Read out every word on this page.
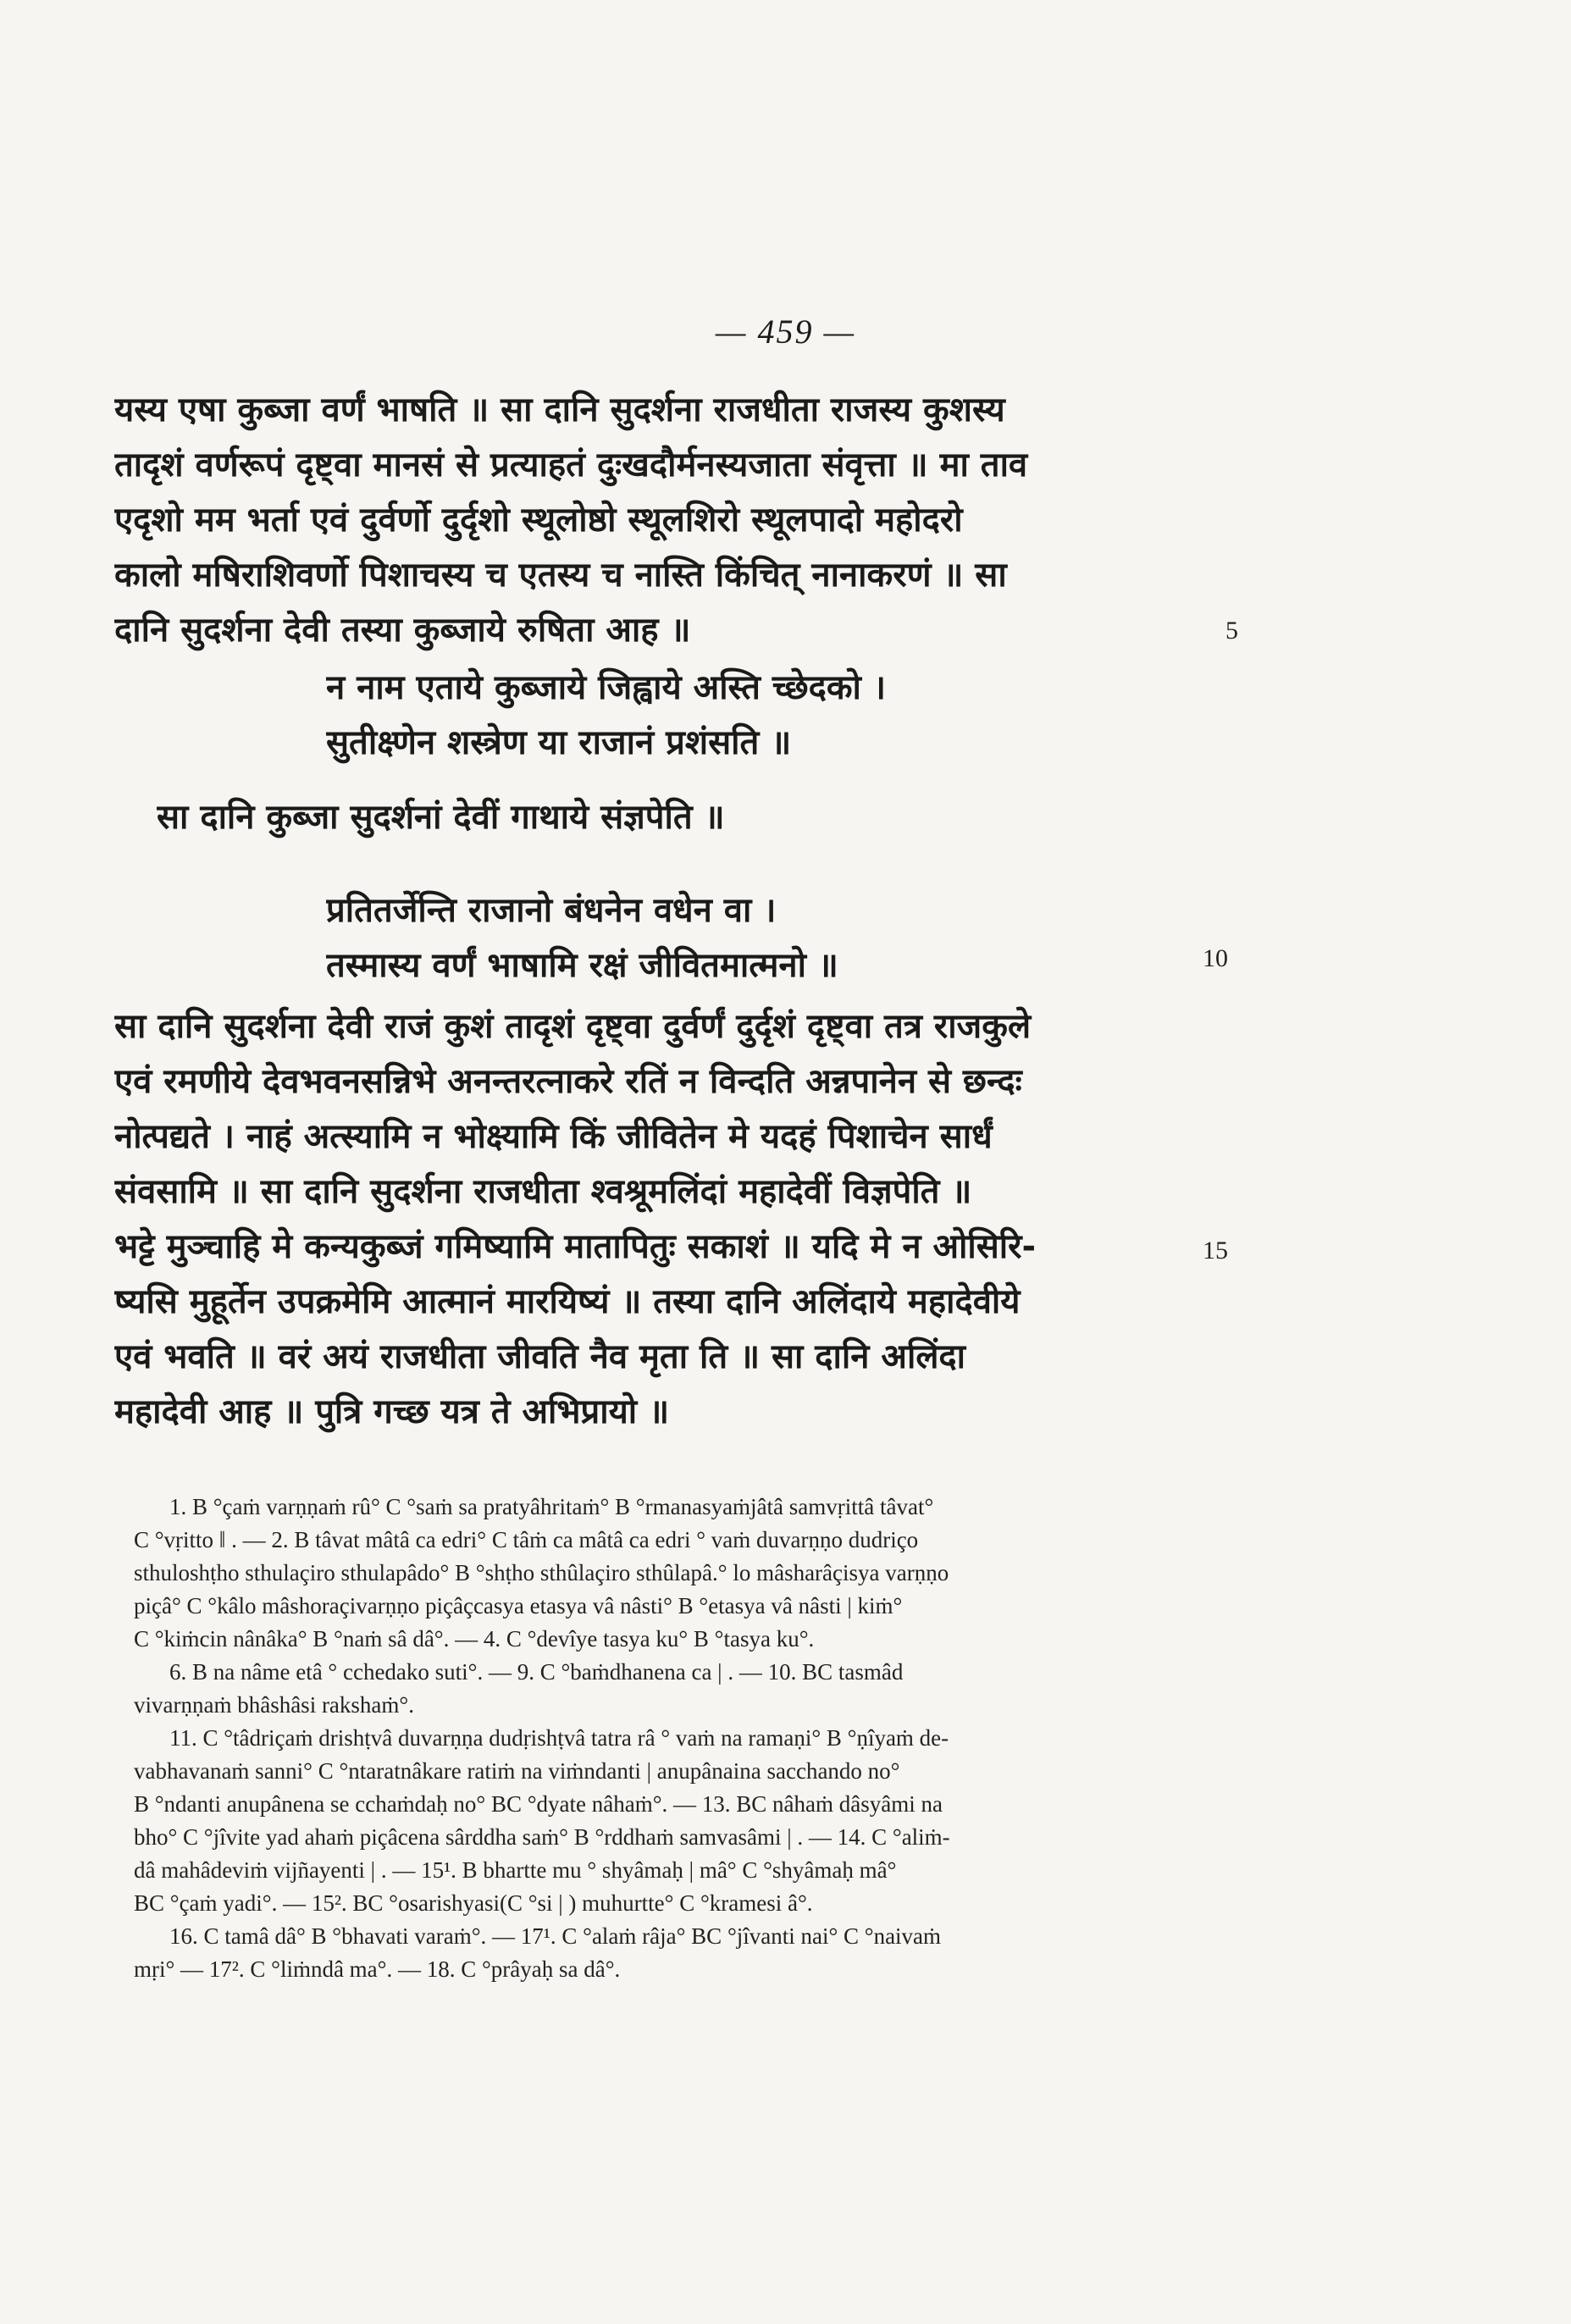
— 459 —
यस्य एषा कुब्जा वर्णं भाषति ॥ सा दानि सुदर्शना राजधीता राजस्य कुशस्य
तादृशं वर्णरूपं दृष्ट्वा मानसं से प्रत्याहतं दुःखदौर्मनस्यजाता संवृत्ता ॥ मा ताव
एदृशो मम भर्ता एवं दुर्वर्णो दुर्दृशो स्थूलोष्ठो स्थूलशिरो स्थूलपादो महोदरो
कालो मषिराशिवर्णो पिशाचस्य च एतस्य च नास्ति किंचित् नानाकरणं ॥ सा
दानि सुदर्शना देवी तस्या कुब्जाये रुषिता आह ॥
न नाम एताये कुब्जाये जिह्वाये अस्ति च्छेदको ।
सुतीक्ष्णेन शस्त्रेण या राजानं प्रशंसति ॥
सा दानि कुब्जा सुदर्शनां देवीं गाथाये संज्ञपेति ॥
प्रतितर्जेन्ति राजानो बंधनेन वधेन वा ।
तस्मास्य वर्णं भाषामि रक्षं जीवितमात्मनो ॥
सा दानि सुदर्शना देवी राजं कुशं तादृशं दृष्ट्वा दुर्वर्णं दुर्दृशं दृष्ट्वा तत्र राजकुले
एवं रमणीये देवभवनसन्निभे अनन्तरत्नाकरे रतिं न विन्दति अन्नपानेन से छन्दः
नोत्पद्यते । नाहं अत्स्यामि न भोक्ष्यामि किं जीवितेन मे यदहं पिशाचेन सार्धं
संवसामि ॥ सा दानि सुदर्शना राजधीता श्वश्रूमलिंदां महादेवीं विज्ञपेति ॥
भट्टे मुञ्चाहि मे कन्यकुब्जं गमिष्यामि मातापितुः सकाशं ॥ यदि मे न ओसिरि-
ष्यसि मुहूर्तेन उपक्रमेमि आत्मानं मारयिष्यं ॥ तस्या दानि अलिंदाये महादेवीये
एवं भवति ॥ वरं अयं राजधीता जीवति नैव मृता ति ॥ सा दानि अलिंदा
महादेवी आह ॥ पुत्रि गच्छ यत्र ते अभिप्रायो ॥
5
10
15
1. B °çaṁ varṇṇaṁ rû° C °saṁ sa pratyâhritaṁ° B °rmanasyaṁjâtâ samvṛittâ tâvat°
C °vṛitto ‖ . — 2. B tâvat mâtâ ca edri° C tâṁ ca mâtâ ca edri ° vaṁ duvarṇṇo dudriço
sthuloshṭho sthulaçiro sthulapâdo° B °shṭho sthûlaçiro sthûlapâ.° lo mâsharâçisya varṇṇo
piçâ° C °kâlo mâshoraçivarṇṇo piçâçcasya etasya vâ nâsti° B °etasya vâ nâsti | kiṁ°
C °kiṁcin nânâka° B °naṁ sâ dâ°. — 4. C °devîye tasya ku° B °tasya ku°.
6. B na nâme etâ ° cchedako suti°. — 9. C °baṁdhanena ca | . — 10. BC tasmâd
vivarṇṇaṁ bhâshâsi rakshaṁ°.
11. C °tâdriçaṁ drishṭvâ duvarṇṇa dudṛishṭvâ tatra râ ° vaṁ na ramaṇi° B °ṇîyaṁ de-
vabhavanaṁ sanni° C °ntaratnâkare ratiṁ na viṁndanti | anupânaina sacchando no°
B °ndanti anupânena se cchaṁdaḥ no° BC °dyate nâhaṁ°. — 13. BC nâhaṁ dâsyâmi na
bho° C °jîvite yad ahaṁ piçâcena sârddha saṁ° B °rddhaṁ samvasâmi | . — 14. C °aliṁ-
dâ mahâdeviṁ vijñayenti | . — 15¹. B bhartte mu ° shyâmaḥ | mâ° C °shyâmaḥ mâ°
BC °çaṁ yadi°. — 15². BC °osarishyasi(C °si | ) muhurtte° C °kramesi â°.
16. C tamâ dâ° B °bhavati varaṁ°. — 17¹. C °alaṁ râja° BC °jîvanti nai° C °naivaṁ
mṛi° — 17². C °liṁndâ ma°. — 18. C °prâyaḥ sa dâ°.
